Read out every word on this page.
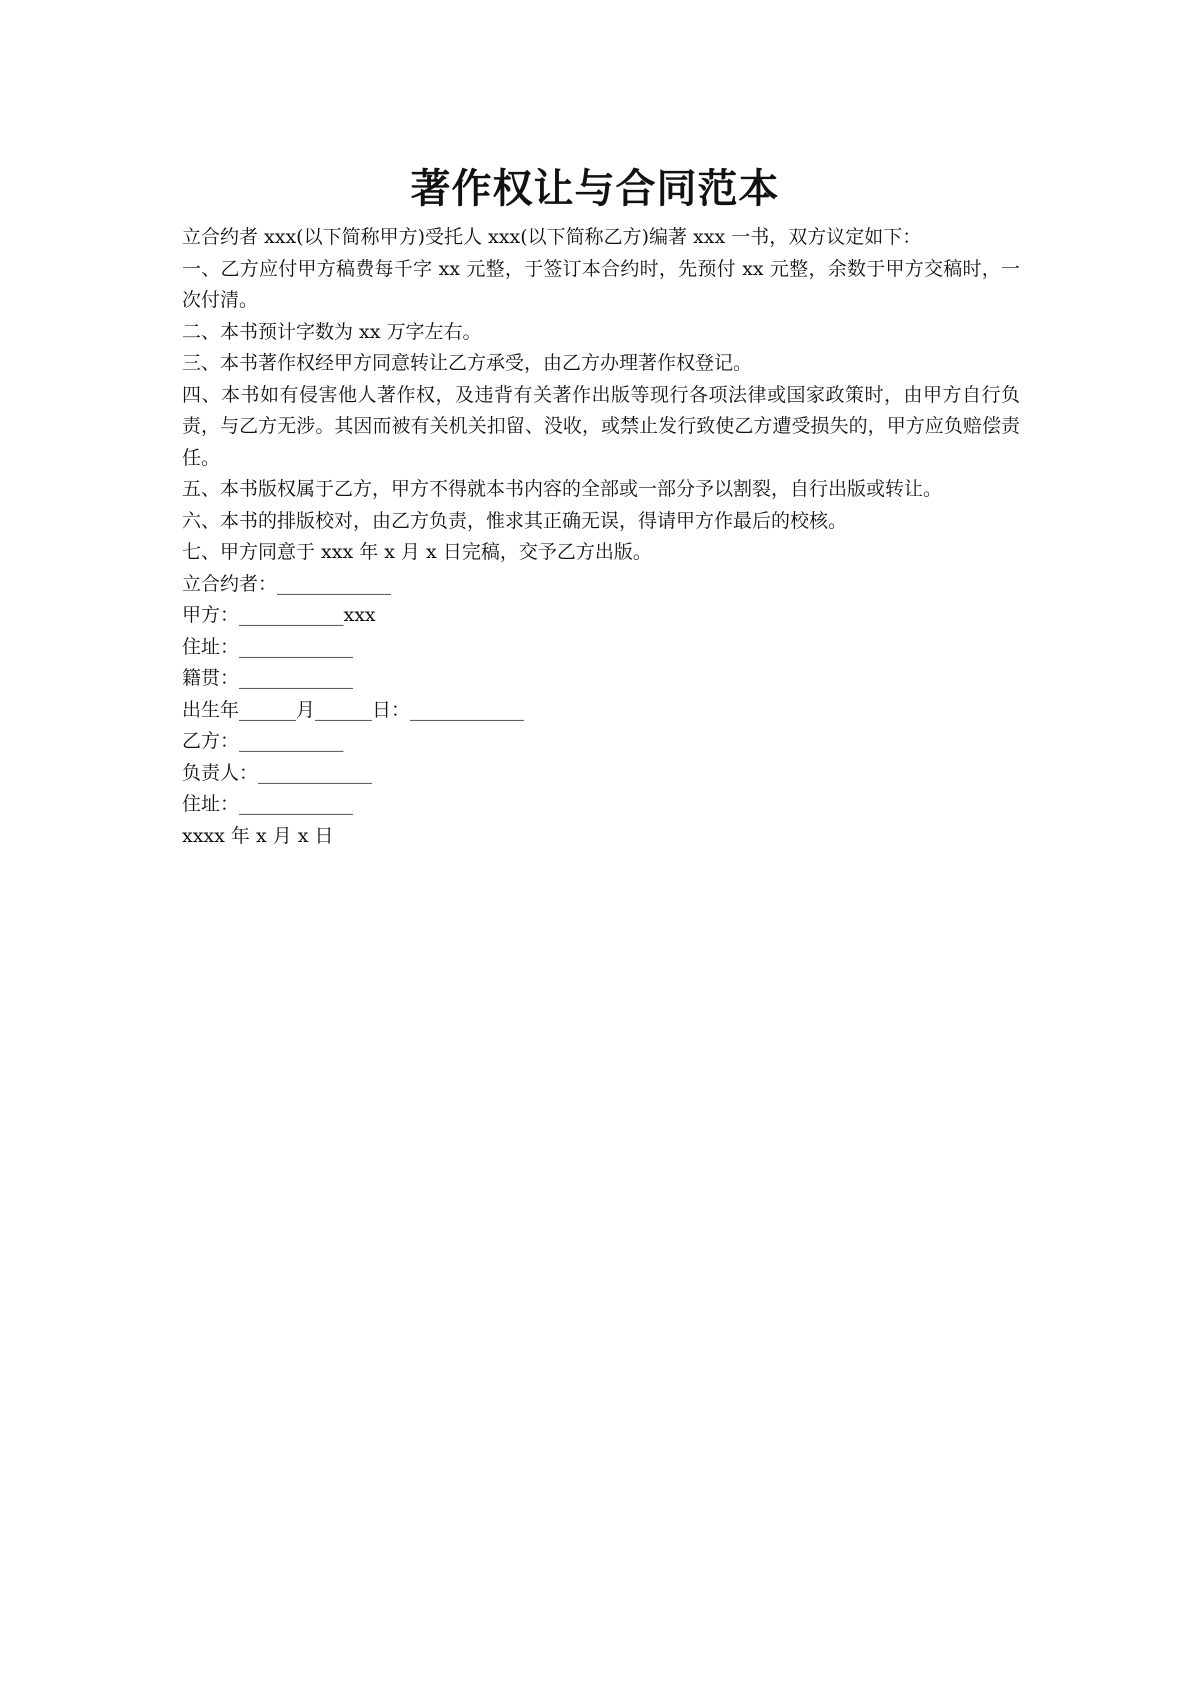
著作权让与合同范本

立合约者 xxx(以下简称甲方)受托人 xxx(以下简称乙方)编著 xxx 一书，双方议定如下：

一、乙方应付甲方稿费每千字 xx 元整，于签订本合约时，先预付 xx 元整，余数于甲方交稿时，一次付清。

二、本书预计字数为 xx 万字左右。

三、本书著作权经甲方同意转让乙方承受，由乙方办理著作权登记。

四、本书如有侵害他人著作权，及违背有关著作出版等现行各项法律或国家政策时，由甲方自行负责，与乙方无涉。其因而被有关机关扣留、没收，或禁止发行致使乙方遭受损失的，甲方应负赔偿责任。

五、本书版权属于乙方，甲方不得就本书内容的全部或一部分予以割裂，自行出版或转让。

六、本书的排版校对，由乙方负责，惟求其正确无误，得请甲方作最后的校核。

七、甲方同意于 xxx 年 x 月 x 日完稿，交予乙方出版。

立合约者：____________
甲方：___________xxx
住址：____________
籍贯：____________
出生年______月______日：____________
乙方：___________
负责人：____________
住址：____________
xxxx 年 x 月 x 日
